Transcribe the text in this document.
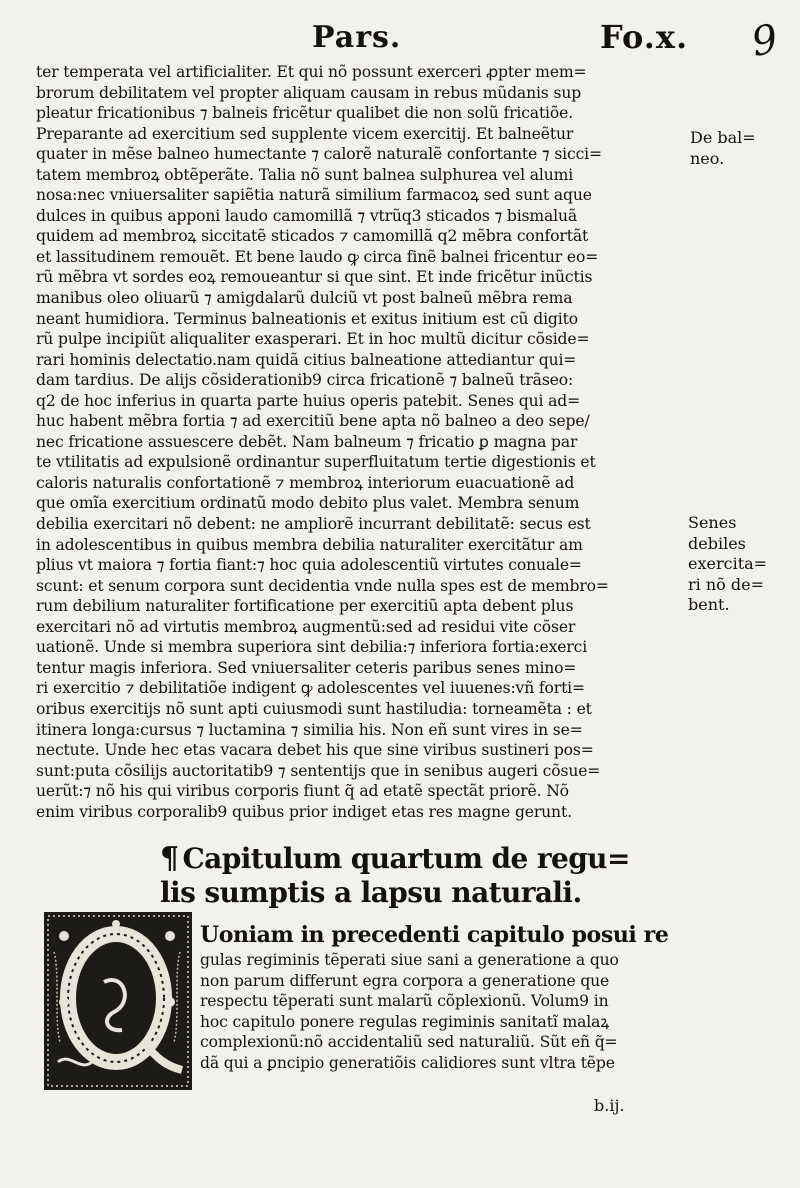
Pars.	Fo.x. 9
ter temperata vel artificialiter. Et qui nõ possunt exerceri ꝓpter mem=
brorum debilitatem vel propter aliquam causam in rebus mũdanis sup
pleatur fricationibus ⁊ balneis fricẽtur qualibet die non solũ fricatiõe.
Preparante ad exercitium sed supplente vicem exercitij. Et balneẽtur
quater in mẽse balneo humectante ⁊ calorẽ naturalẽ confortante ⁊ sicci=
tatem membroꝝ obtẽperãte. Talia nõ sunt balnea sulphurea vel alumi
nosa:nec vniuersaliter sapiẽtia naturã similium farmacoꝝ sed sunt aque
dulces in quibus apponi laudo camomillã ⁊ vtrũq3 sticados ⁊ bismaluã
quidem ad membroꝝ siccitatẽ sticados ⁊ camomillã q2 mẽbra confortãt
et lassitudinem remouẽt. Et bene laudo ꝙ circa finẽ balnei fricentur eo=
rũ mẽbra vt sordes eoꝝ remoueantur si que sint. Et inde fricẽtur inũctis
manibus oleo oliuarũ ⁊ amigdalarũ dulciũ vt post balneũ mẽbra rema
neant humidiora. Terminus balneationis et exitus initium est cũ digito
rũ pulpe incipiũt aliqualiter exasperari. Et in hoc multũ dicitur cõside=
rari hominis delectatio.nam quidã citius balneatione attediantur qui=
dam tardius. De alijs cõsiderationib9 circa fricationẽ ⁊ balneũ trãseo:
q2 de hoc inferius in quarta parte huius operis patebit. Senes qui ad=
huc habent mẽbra fortia ⁊ ad exercitiũ bene apta nõ balneo a deo sepe/
nec fricatione assuescere debẽt. Nam balneum ⁊ fricatio ꝑ magna par
te vtilitatis ad expulsionẽ ordinantur superfluitatum tertie digestionis et
caloris naturalis confortationẽ ⁊ membroꝝ interiorum euacuationẽ ad
que omĩa exercitium ordinatũ modo debito plus valet. Membra senum
debilia exercitari nõ debent: ne ampliorẽ incurrant debilitatẽ: secus est
in adolescentibus in quibus membra debilia naturaliter exercitãtur am
plius vt maiora ⁊ fortia fiant:⁊ hoc quia adolescentiũ virtutes conuale=
scunt: et senum corpora sunt decidentia vnde nulla spes est de membro=
rum debilium naturaliter fortificatione per exercitiũ apta debent plus
exercitari nõ ad virtutis membroꝝ augmentũ:sed ad residui vite cõser
uationẽ. Unde si membra superiora sint debilia:⁊ inferiora fortia:exerci
tentur magis inferiora. Sed vniuersaliter ceteris paribus senes mino=
ri exercitio ⁊ debilitatiõe indigent ꝙ adolescentes vel iuuenes:vñ forti=
oribus exercitijs nõ sunt apti cuiusmodi sunt hastiludia: torneamẽta : et
itinera longa:cursus ⁊ luctamina ⁊ similia his. Non eñ sunt vires in se=
nectute. Unde hec etas vacara debet his que sine viribus sustineri pos=
sunt:puta cõsilijs auctoritatib9 ⁊ sententijs que in senibus augeri cõsue=
uerũt:⁊ nõ his qui viribus corporis fiunt q̃ ad etatẽ spectãt priorẽ. Nõ
enim viribus corporalib9 quibus prior indiget etas res magne gerunt.
De bal=
neo.
Senes
debiles
exercita=
ri nõ de=
bent.
¶ Capitulum quartum de regu=
lis sumptis a lapsu naturali.
Uoniam in precedenti capitulo posui re
gulas regiminis tẽperati siue sani a generatione a quo
non parum differunt egra corpora a generatione que
respectu tẽperati sunt malarũ cõplexionũ. Volum9 in
hoc capitulo ponere regulas regiminis sanitatĩ malaꝝ
complexionũ:nõ accidentaliũ sed naturaliũ. Sũt eñ q̃=
dã qui a ꝑncipio generatiõis calidiores sunt vltra tẽpe
b.ij.
